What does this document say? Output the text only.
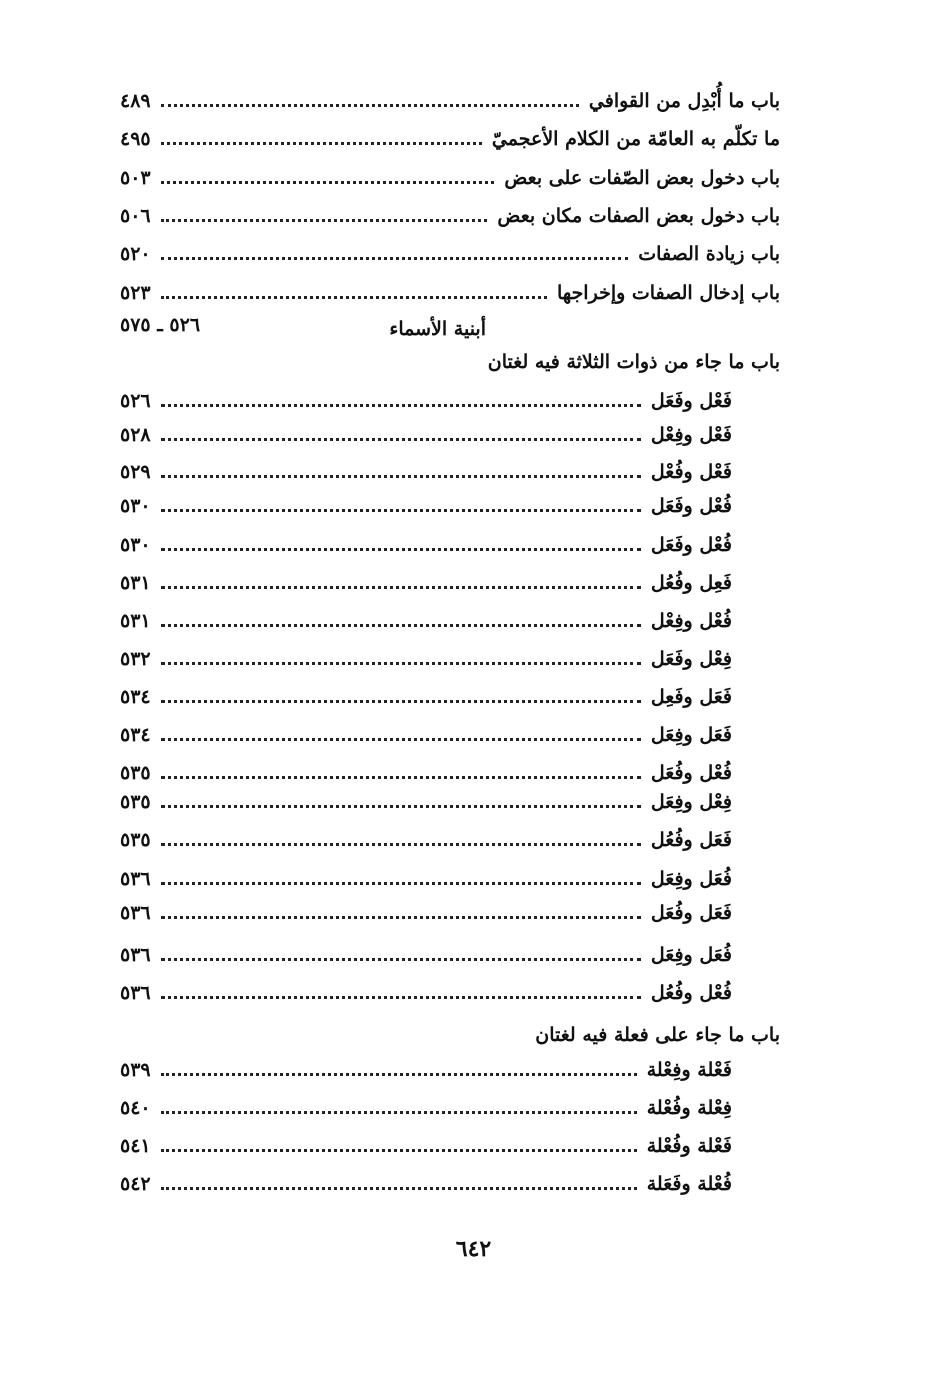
باب ما أُبْدِل من القوافي
٤٨٩
ما تكلّم به العامّة من الكلام الأعجميّ
٤٩٥
باب دخول بعض الصّفات على بعض
٥٠٣
باب دخول بعض الصفات مكان بعض
٥٠٦
باب زيادة الصفات
٥٢٠
باب إدخال الصفات وإخراجها
٥٢٣
أبنية الأسماء
٥٢٦ ـ ٥٧٥
باب ما جاء من ذوات الثلاثة فيه لغتان
فَعْل وفَعَل
٥٢٦
فَعْل وفِعْل
٥٢٨
فَعْل وفُعْل
٥٢٩
فُعْل وفَعَل
٥٣٠
فُعْل وفَعَل
٥٣٠
فَعِل وفُعُل
٥٣١
فُعْل وفِعْل
٥٣١
فِعْل وفَعَل
٥٣٢
فَعَل وفَعِل
٥٣٤
فَعَل وفِعَل
٥٣٤
فُعْل وفُعَل
٥٣٥
فِعْل وفِعَل
٥٣٥
فَعَل وفُعُل
٥٣٥
فُعَل وفِعَل
٥٣٦
فَعَل وفُعَل
٥٣٦
فُعَل وفِعَل
٥٣٦
فُعْل وفُعُل
٥٣٦
باب ما جاء على فعلة فيه لغتان
فَعْلة وفِعْلة
٥٣٩
فِعْلة وفُعْلة
٥٤٠
فَعْلة وفُعْلة
٥٤١
فُعْلة وفَعَلة
٥٤٢
٦٤٢
